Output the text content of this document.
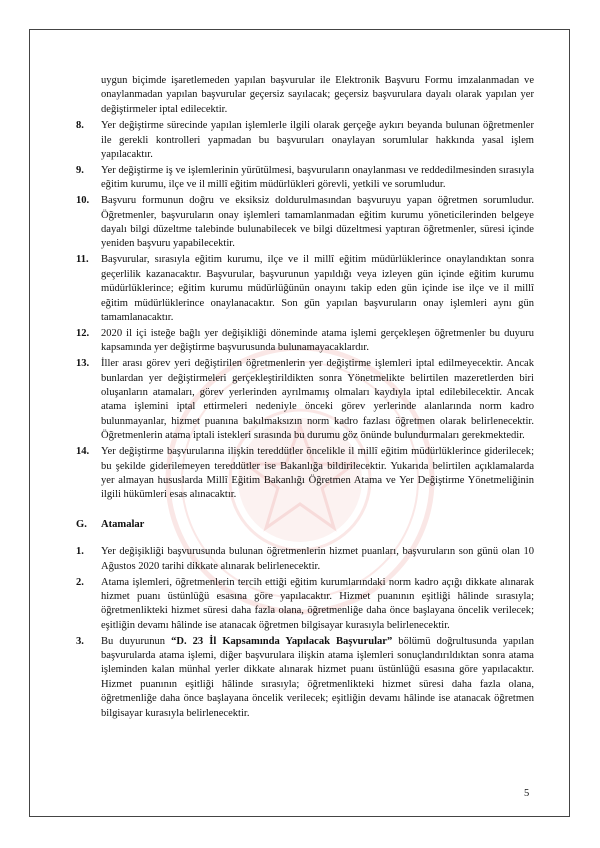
uygun biçimde işaretlemeden yapılan başvurular ile Elektronik Başvuru Formu imzalanmadan ve onaylanmadan yapılan başvurular geçersiz sayılacak; geçersiz başvurulara dayalı olarak yapılan yer değiştirmeler iptal edilecektir.

8.	Yer değiştirme sürecinde yapılan işlemlerle ilgili olarak gerçeğe aykırı beyanda bulunan öğretmenler ile gerekli kontrolleri yapmadan bu başvuruları onaylayan sorumlular hakkında yasal işlem yapılacaktır.
9.	Yer değiştirme iş ve işlemlerinin yürütülmesi, başvuruların onaylanması ve reddedilmesinden sırasıyla eğitim kurumu, ilçe ve il millî eğitim müdürlükleri görevli, yetkili ve sorumludur.
10.	Başvuru formunun doğru ve eksiksiz doldurulmasından başvuruyu yapan öğretmen sorumludur. Öğretmenler, başvuruların onay işlemleri tamamlanmadan eğitim kurumu yöneticilerinden belgeye dayalı bilgi düzeltme talebinde bulunabilecek ve bilgi düzeltmesi yaptıran öğretmenler, süresi içinde yeniden başvuru yapabilecektir.
11.	Başvurular, sırasıyla eğitim kurumu, ilçe ve il millî eğitim müdürlüklerince onaylandıktan sonra geçerlilik kazanacaktır. Başvurular, başvurunun yapıldığı veya izleyen gün içinde eğitim kurumu müdürlüklerince; eğitim kurumu müdürlüğünün onayını takip eden gün içinde ise ilçe ve il millî eğitim müdürlüklerince onaylanacaktır. Son gün yapılan başvuruların onay işlemleri aynı gün tamamlanacaktır.
12.	2020 il içi isteğe bağlı yer değişikliği döneminde atama işlemi gerçekleşen öğretmenler bu duyuru kapsamında yer değiştirme başvurusunda bulunamayacaklardır.
13.	İller arası görev yeri değiştirilen öğretmenlerin yer değiştirme işlemleri iptal edilmeyecektir. Ancak bunlardan yer değiştirmeleri gerçekleştirildikten sonra Yönetmelikte belirtilen mazeretlerden biri oluşanların atamaları, görev yerlerinden ayrılmamış olmaları kaydıyla iptal edilebilecektir. Ancak atama işlemini iptal ettirmeleri nedeniyle önceki görev yerlerinde alanlarında norm kadro bulunmayanlar, hizmet puanına bakılmaksızın norm kadro fazlası öğretmen olarak belirlenecektir. Öğretmenlerin atama iptali istekleri sırasında bu durumu göz önünde bulundurmaları gerekmektedir.
14.	Yer değiştirme başvurularına ilişkin tereddütler öncelikle il millî eğitim müdürlüklerince giderilecek; bu şekilde giderilemeyen tereddütler ise Bakanlığa bildirilecektir. Yukarıda belirtilen açıklamalarda yer almayan hususlarda Millî Eğitim Bakanlığı Öğretmen Atama ve Yer Değiştirme Yönetmeliğinin ilgili hükümleri esas alınacaktır.

G. Atamalar

1.	Yer değişikliği başvurusunda bulunan öğretmenlerin hizmet puanları, başvuruların son günü olan 10 Ağustos 2020 tarihi dikkate alınarak belirlenecektir.
2.	Atama işlemleri, öğretmenlerin tercih ettiği eğitim kurumlarındaki norm kadro açığı dikkate alınarak hizmet puanı üstünlüğü esasına göre yapılacaktır. Hizmet puanının eşitliği hâlinde sırasıyla; öğretmenlikteki hizmet süresi daha fazla olana, öğretmenliğe daha önce başlayana öncelik verilecek; eşitliğin devamı hâlinde ise atanacak öğretmen bilgisayar kurasıyla belirlenecektir.
3.	Bu duyurunun “D. 23 İl Kapsamında Yapılacak Başvurular” bölümü doğrultusunda yapılan başvurularda atama işlemi, diğer başvurulara ilişkin atama işlemleri sonuçlandırıldıktan sonra atama işleminden kalan münhal yerler dikkate alınarak hizmet puanı üstünlüğü esasına göre yapılacaktır. Hizmet puanının eşitliği hâlinde sırasıyla; öğretmenlikteki hizmet süresi daha fazla olana, öğretmenliğe daha önce başlayana öncelik verilecek; eşitliğin devamı hâlinde ise atanacak öğretmen bilgisayar kurasıyla belirlenecektir.
5
